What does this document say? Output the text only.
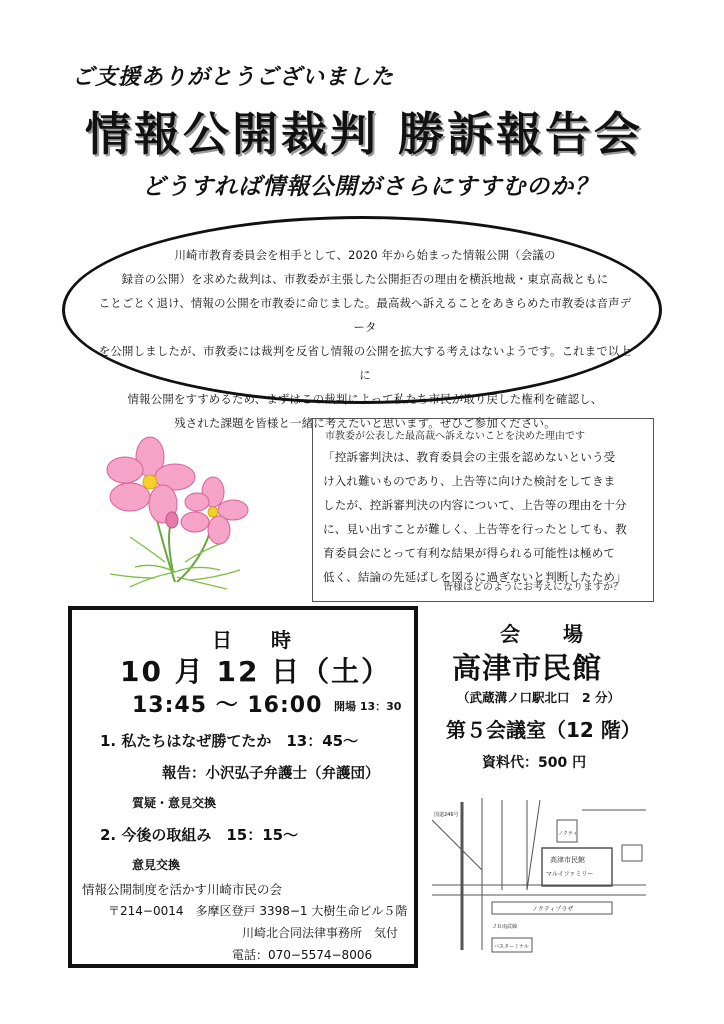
ご支援ありがとうございました
情報公開裁判 勝訴報告会
どうすれば情報公開がさらにすすむのか？
川崎市教育委員会を相手として、2020 年から始まった情報公開（会議の
録音の公開）を求めた裁判は、市教委が主張した公開拒否の理由を横浜地裁・東京高裁ともに
ことごとく退け、情報の公開を市教委に命じました。最高裁へ訴えることをあきらめた市教委は音声データ
を公開しましたが、市教委には裁判を反省し情報の公開を拡大する考えはないようです。これまで以上に
情報公開をすすめるため、まずはこの裁判によって私たち市民が取り戻した権利を確認し、
残された課題を皆様と一緒に考えたいと思います。ぜひご参加ください。
市教委が公表した最高裁へ訴えないことを決めた理由です
「控訴審判決は、教育委員会の主張を認めないという受
け入れ難いものであり、上告等に向けた検討をしてきま
したが、控訴審判決の内容について、上告等の理由を十分
に、見い出すことが難しく、上告等を行ったとしても、教
育委員会にとって有利な結果が得られる可能性は極めて
低く、結論の先延ばしを図るに過ぎないと判断したため」
皆様はどのようにお考えになりますか？
日 時
10 月 12 日（土）
13:45 〜 16:00 開場 13：30
1. 私たちはなぜ勝てたか　13：45〜
報告：小沢弘子弁護士（弁護団）
質疑・意見交換
2. 今後の取組み　15：15〜
意見交換
情報公開制度を活かす川崎市民の会
〒214−0014　多摩区登戸 3398−1 大樹生命ビル５階
川崎北合同法律事務所　気付
電話：070−5574−8006
会 場
高津市民館
（武蔵溝ノ口駅北口　2 分）
第５会議室（12 階）
資料代：500 円
高津市民館
マルイファミリー
ノクティ
ノクティプラザ
ＪＲ南武線
バスターミナル
国道246号
